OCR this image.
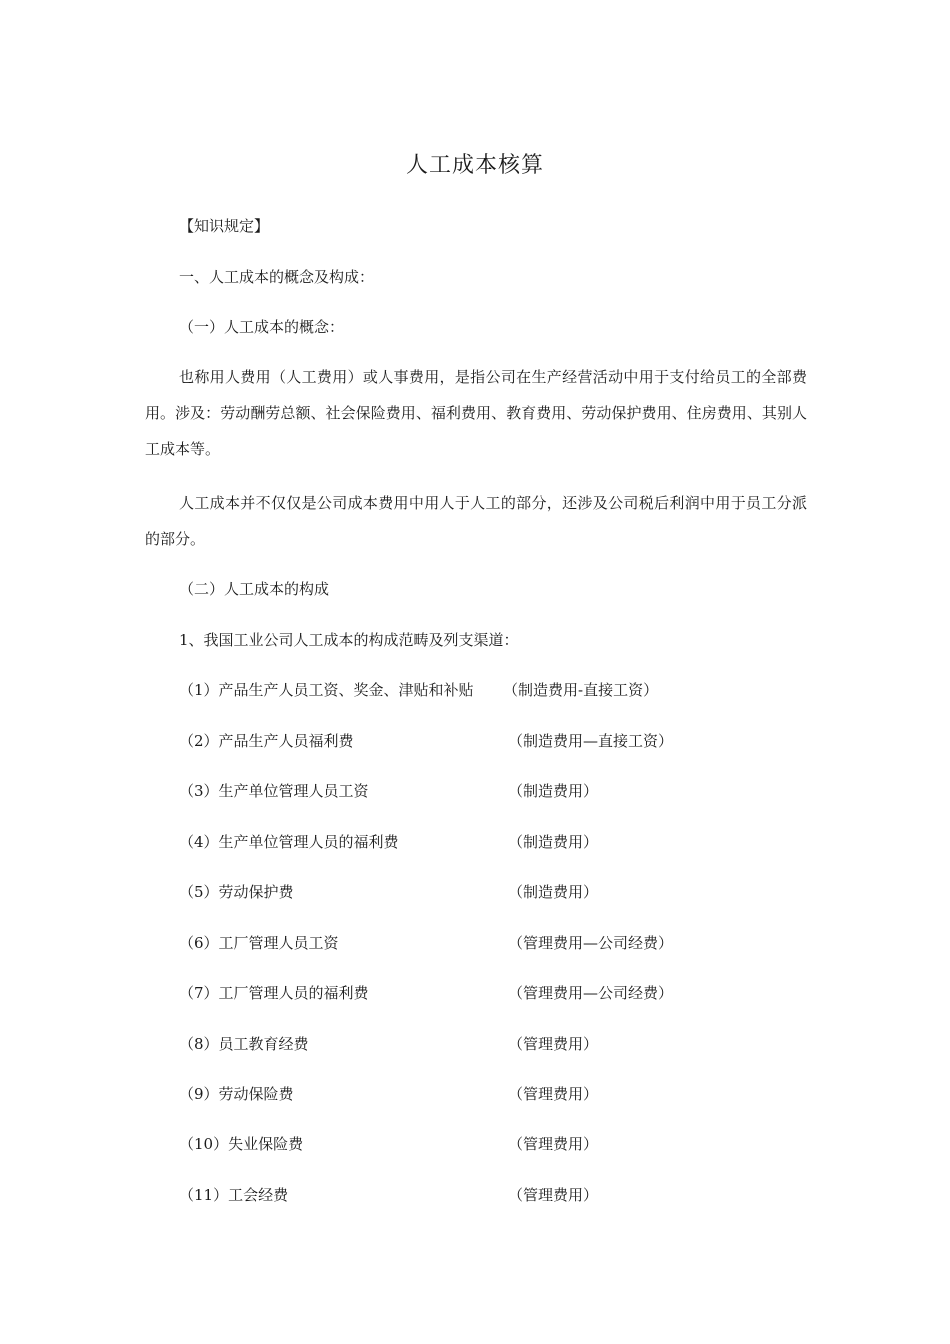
人工成本核算

【知识规定】

一、人工成本的概念及构成：

（一）人工成本的概念：

也称用人费用（人工费用）或人事费用，是指公司在生产经营活动中用于支付给员工的全部费用。涉及：劳动酬劳总额、社会保险费用、福利费用、教育费用、劳动保护费用、住房费用、其别人工成本等。

人工成本并不仅仅是公司成本费用中用人于人工的部分，还涉及公司税后利润中用于员工分派的部分。

（二）人工成本的构成

1、我国工业公司人工成本的构成范畴及列支渠道：

（1）产品生产人员工资、奖金、津贴和补贴 （制造费用-直接工资）
（2）产品生产人员福利费	（制造费用—直接工资）
（3）生产单位管理人员工资	（制造费用）
（4）生产单位管理人员的福利费	（制造费用）
（5）劳动保护费	（制造费用）
（6）工厂管理人员工资	（管理费用—公司经费）
（7）工厂管理人员的福利费	（管理费用—公司经费）
（8）员工教育经费	（管理费用）
（9）劳动保险费	（管理费用）
（10）失业保险费	（管理费用）
（11）工会经费	（管理费用）
